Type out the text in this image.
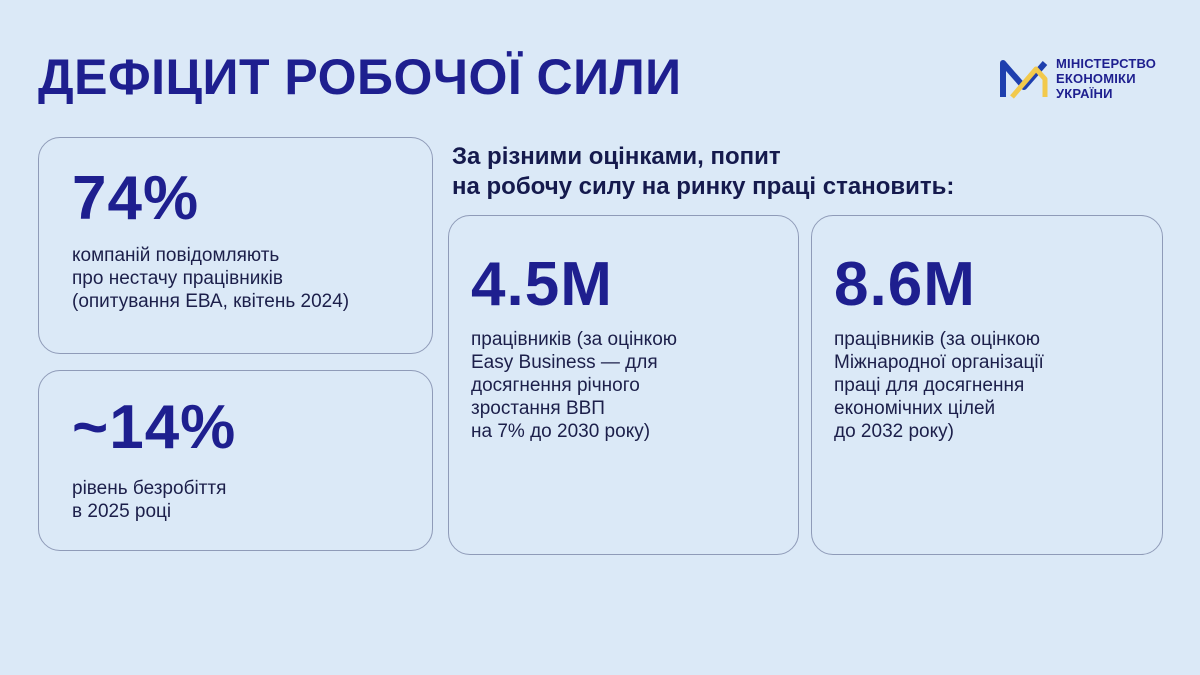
ДЕФІЦИТ РОБОЧОЇ СИЛИ	МІНІСТЕРСТВО
ЕКОНОМІКИ
УКРАЇНИ
74%
компаній повідомляють
про нестачу працівників
(опитування ЕВА, квітень 2024)
~14%
рівень безробіття
в 2025 році
За різними оцінками, попит
на робочу силу на ринку праці становить:
4.5М
працівників (за оцінкою
Easy Business — для
досягнення річного
зростання ВВП
на 7% до 2030 року)
8.6М
працівників (за оцінкою
Міжнародної організації
праці для досягнення
економічних цілей
до 2032 року)
